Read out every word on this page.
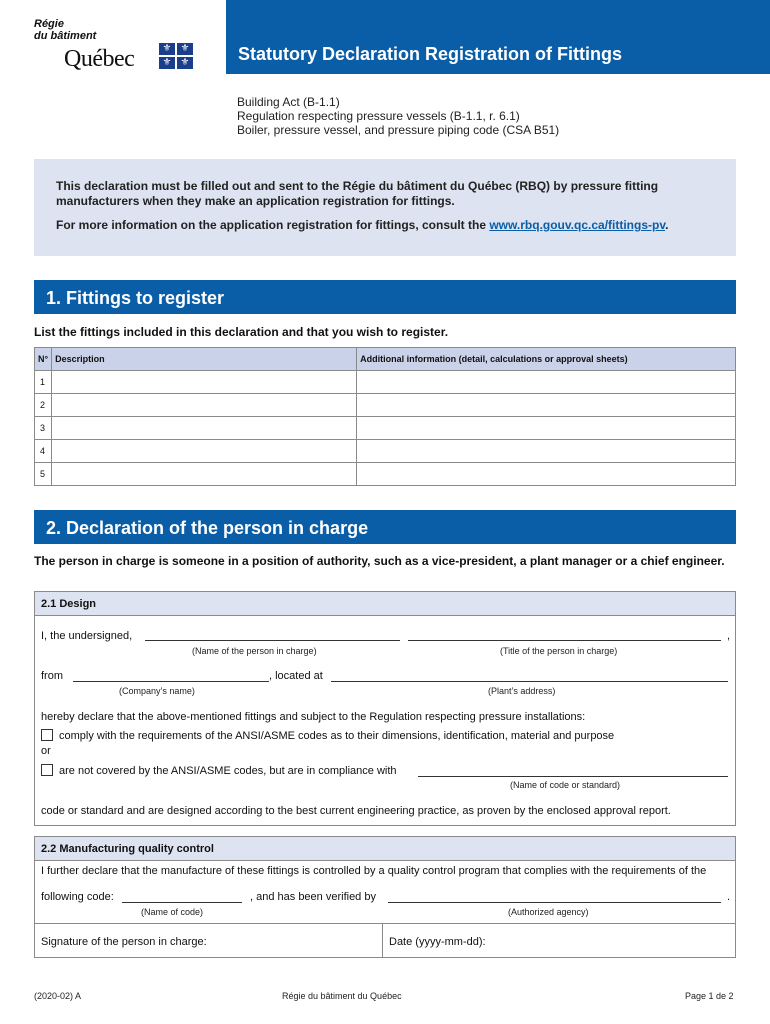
Régie
du bâtiment
Québec	⚜ ⚜
⚜ ⚜	Statutory Declaration Registration of Fittings
Building Act (B-1.1)
Regulation respecting pressure vessels (B-1.1, r. 6.1)
Boiler, pressure vessel, and pressure piping code (CSA B51)

This declaration must be filled out and sent to the Régie du bâtiment du Québec (RBQ) by pressure fitting manufacturers when they make an application registration for fittings.

For more information on the application registration for fittings, consult the www.rbq.gouv.qc.ca/fittings-pv.

1. Fittings to register
List the fittings included in this declaration and that you wish to register.
N°	Description	Additional information (detail, calculations or approval sheets)
1		
2		
3		
4		
5		
2. Declaration of the person in charge
The person in charge is someone in a position of authority, such as a vice-president, a plant manager or a chief engineer.
2.1 Design
I, the undersigned,	,
(Name of the person in charge)	(Title of the person in charge)
from	, located at
(Company’s name)	(Plant’s address)
hereby declare that the above-mentioned fittings and subject to the Regulation respecting pressure installations:
comply with the requirements of the ANSI/ASME codes as to their dimensions, identification, material and purpose
or
are not covered by the ANSI/ASME codes, but are in compliance with
(Name of code or standard)
code or standard and are designed according to the best current engineering practice, as proven by the enclosed approval report.
2.2 Manufacturing quality control
I further declare that the manufacture of these fittings is controlled by a quality control program that complies with the requirements of the
following code:	, and has been verified by	.
(Name of code)	(Authorized agency)
Signature of the person in charge:	Date (yyyy-mm-dd):
(2020-02) A	Régie du bâtiment du Québec	Page 1 de 2
